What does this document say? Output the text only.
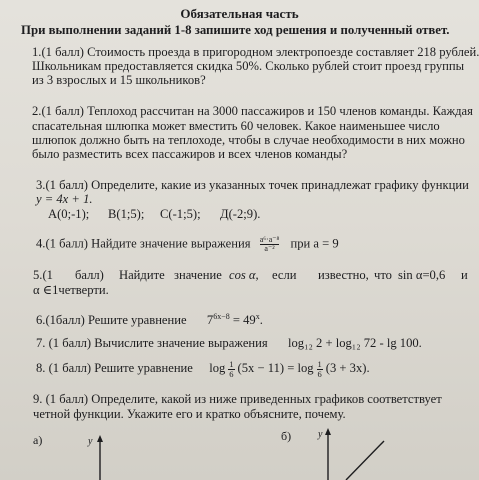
Обязательная часть
При выполнении заданий 1-8 запишите ход решения и полученный ответ.
1.(1 балл) Стоимость проезда в пригородном электропоезде составляет 218 рублей.
Школьникам предоставляется скидка 50%. Сколько рублей стоит проезд группы
из 3 взрослых и 15 школьников?
2.(1 балл) Теплоход рассчитан на 3000 пассажиров и 150 членов команды. Каждая
спасательная шлюпка может вместить 60 человек. Какое наименьшее число
шлюпок должно быть на теплоходе, чтобы в случае необходимости в них можно
было разместить всех пассажиров и всех членов команды?
3.(1 балл) Определите, какие из указанных точек принадлежат графику функции
y = 4x + 1.
А(0;-1); В(1;5); С(-1;5); Д(-2;9).
4.(1 балл) Найдите значение выражения $\frac{\text{a⁶·a⁻⁸}}{\text{a⁻²}}$ при а = 9
5.(1 балл) Найдите значение cos α, если известно, что sin α=0,6 и
α ∈1четверти.
6.(1балл) Решите уравнение $7^{6x-8} = 49^x$.
7. (1 балл) Вычислите значение выражения log₁₂ 2 + log₁₂ 72 - lg 100.
8. (1 балл) Решите уравнение $\log \frac{1}{6} (5x - 11) = \log \frac{1}{6} (3 + 3x)$.
9. (1 балл) Определите, какой из ниже приведенных графиков соответствует
четной функции. Укажите его и кратко объясните, почему.
а)	б)
y
y
